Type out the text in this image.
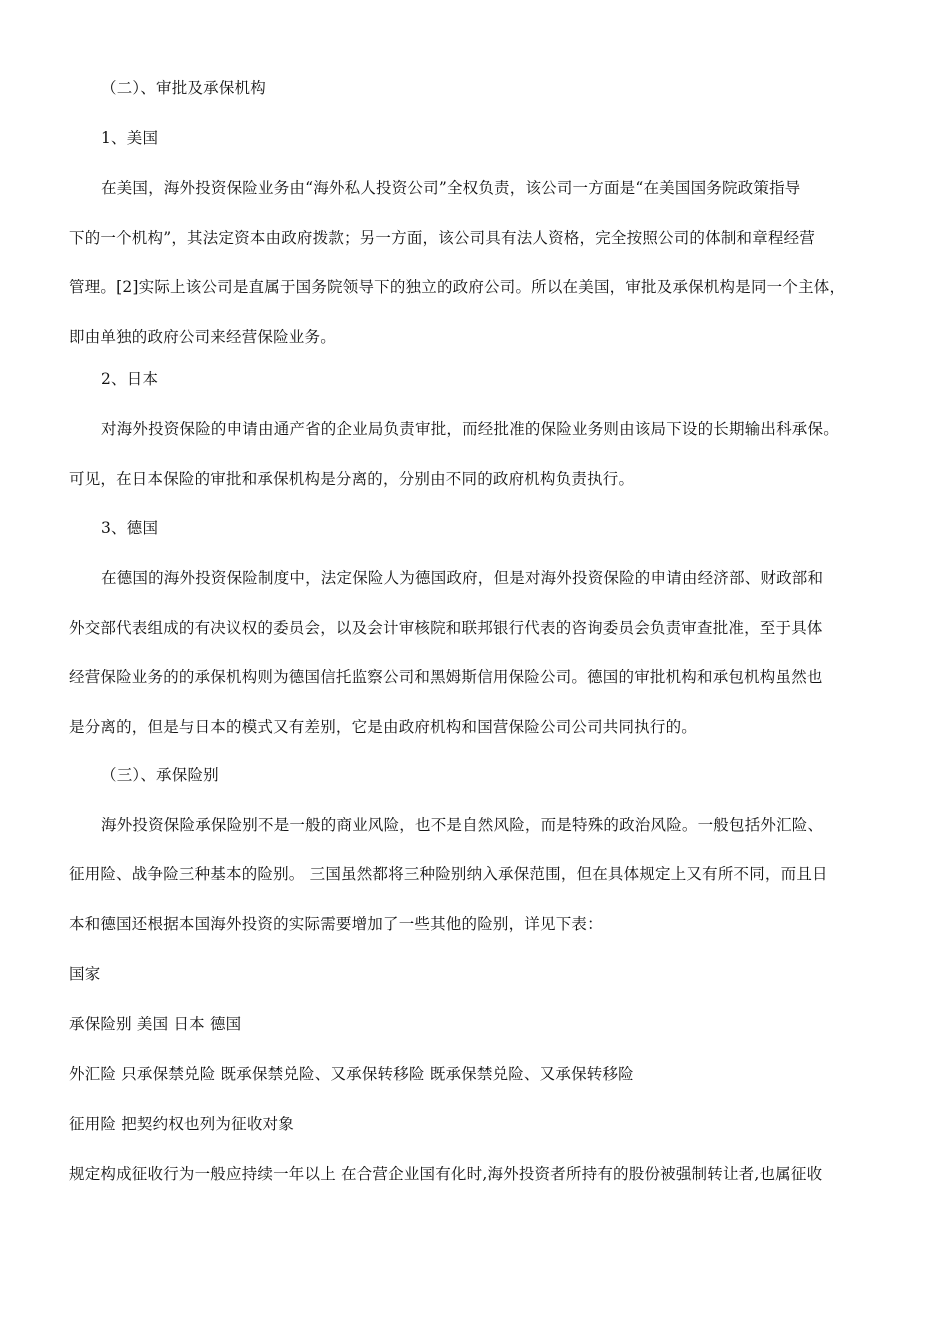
（二）、审批及承保机构
1、美国
在美国，海外投资保险业务由“海外私人投资公司”全权负责，该公司一方面是“在美国国务院政策指导
下的一个机构”，其法定资本由政府拨款；另一方面，该公司具有法人资格，完全按照公司的体制和章程经营
管理。[2]实际上该公司是直属于国务院领导下的独立的政府公司。所以在美国，审批及承保机构是同一个主体，
即由单独的政府公司来经营保险业务。
2、日本
对海外投资保险的申请由通产省的企业局负责审批，而经批准的保险业务则由该局下设的长期输出科承保。
可见，在日本保险的审批和承保机构是分离的，分别由不同的政府机构负责执行。
3、德国
在德国的海外投资保险制度中，法定保险人为德国政府，但是对海外投资保险的申请由经济部、财政部和
外交部代表组成的有决议权的委员会，以及会计审核院和联邦银行代表的咨询委员会负责审查批准，至于具体
经营保险业务的的承保机构则为德国信托监察公司和黑姆斯信用保险公司。德国的审批机构和承包机构虽然也
是分离的，但是与日本的模式又有差别，它是由政府机构和国营保险公司公司共同执行的。
（三）、承保险别
海外投资保险承保险别不是一般的商业风险，也不是自然风险，而是特殊的政治风险。一般包括外汇险、
征用险、战争险三种基本的险别。 三国虽然都将三种险别纳入承保范围，但在具体规定上又有所不同，而且日
本和德国还根据本国海外投资的实际需要增加了一些其他的险别，详见下表：
国家
承保险别 美国 日本 德国
外汇险 只承保禁兑险 既承保禁兑险、又承保转移险 既承保禁兑险、又承保转移险
征用险 把契约权也列为征收对象
规定构成征收行为一般应持续一年以上 在合营企业国有化时,海外投资者所持有的股份被强制转让者,也属征收
